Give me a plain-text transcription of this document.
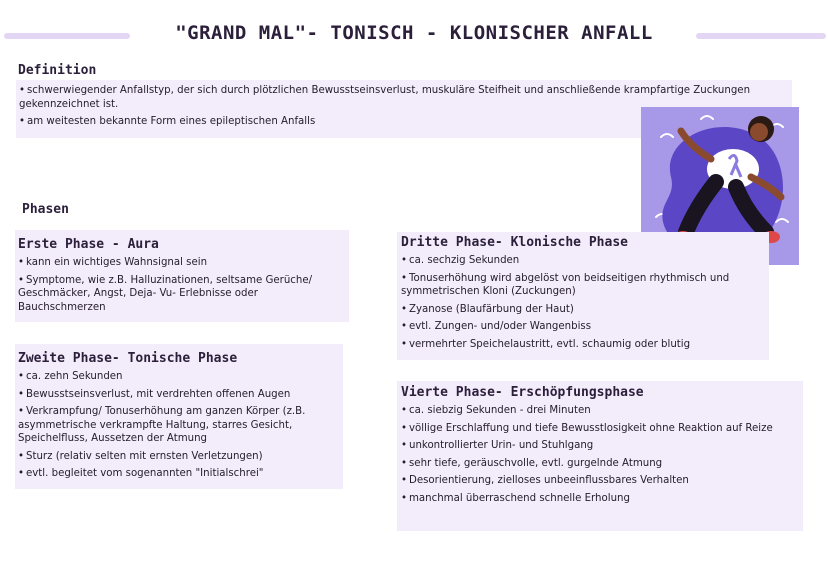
"GRAND MAL"- TONISCH - KLONISCHER ANFALL
Definition
• schwerwiegender Anfallstyp, der sich durch plötzlichen Bewusstseinsverlust, muskuläre Steifheit und anschließende krampfartige Zuckungen gekennzeichnet ist.
• am weitesten bekannte Form eines epileptischen Anfalls
Phasen
Erste Phase - Aura
• kann ein wichtiges Wahnsignal sein
• Symptome, wie z.B. Halluzinationen, seltsame Gerüche/ Geschmäcker, Angst, Deja- Vu- Erlebnisse oder Bauchschmerzen
Zweite Phase- Tonische Phase
• ca. zehn Sekunden
• Bewusstseinsverlust, mit verdrehten offenen Augen
• Verkrampfung/ Tonuserhöhung am ganzen Körper (z.B. asymmetrische verkrampfte Haltung, starres Gesicht, Speichelfluss, Aussetzen der Atmung
• Sturz (relativ selten mit ernsten Verletzungen)
• evtl. begleitet vom sogenannten "Initialschrei"
Dritte Phase- Klonische Phase
• ca. sechzig Sekunden
• Tonuserhöhung wird abgelöst von beidseitigen rhythmisch und symmetrischen Kloni (Zuckungen)
• Zyanose (Blaufärbung der Haut)
• evtl. Zungen- und/oder Wangenbiss
• vermehrter Speichelaustritt, evtl. schaumig oder blutig
Vierte Phase- Erschöpfungsphase
• ca. siebzig Sekunden - drei Minuten
• völlige Erschlaffung und tiefe Bewusstlosigkeit ohne Reaktion auf Reize
• unkontrollierter Urin- und Stuhlgang
• sehr tiefe, geräuschvolle, evtl. gurgelnde Atmung
• Desorientierung, zielloses unbeeinflussbares Verhalten
• manchmal überraschend schnelle Erholung
